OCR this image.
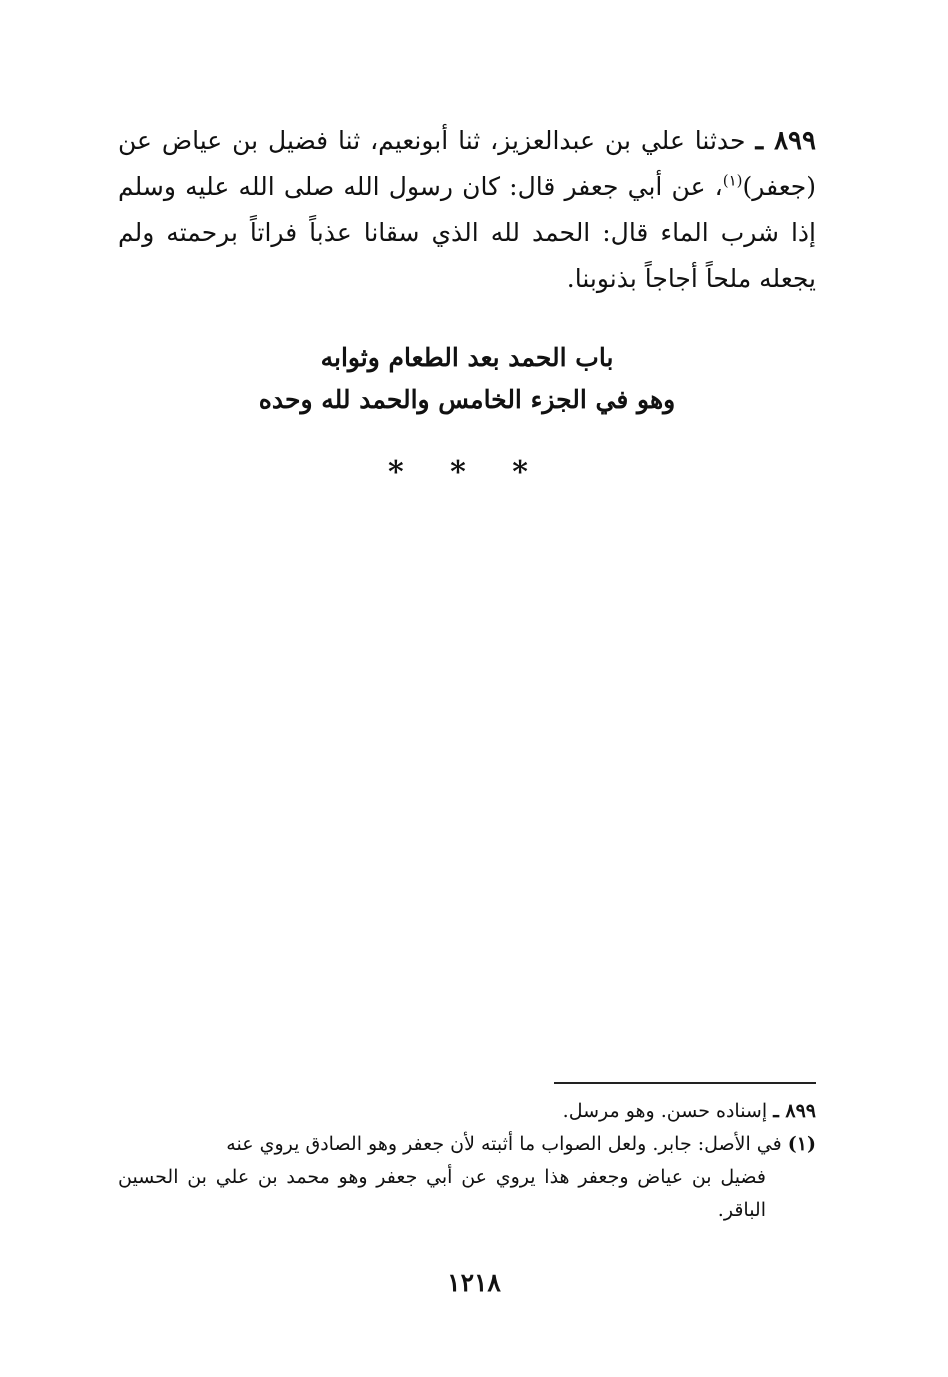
٨٩٩ ـ حدثنا علي بن عبدالعزيز، ثنا أبونعيم، ثنا فضيل بن عياض عن (جعفر)$^{(١)}$، عن أبي جعفر قال: كان رسول الله صلى الله عليه وسلم إذا شرب الماء قال: الحمد لله الذي سقانا عذباً فراتاً برحمته ولم يجعله ملحاً أجاجاً بذنوبنا.
باب الحمد بعد الطعام وثوابه
وهو في الجزء الخامس والحمد لله وحده
* * *

٨٩٩ ـ إسناده حسن. وهو مرسل.

(١) في الأصل: جابر. ولعل الصواب ما أثبته لأن جعفر وهو الصادق يروي عنه

فضيل بن عياض وجعفر هذا يروي عن أبي جعفر وهو محمد بن علي بن الحسين الباقر.

١٢١٨
